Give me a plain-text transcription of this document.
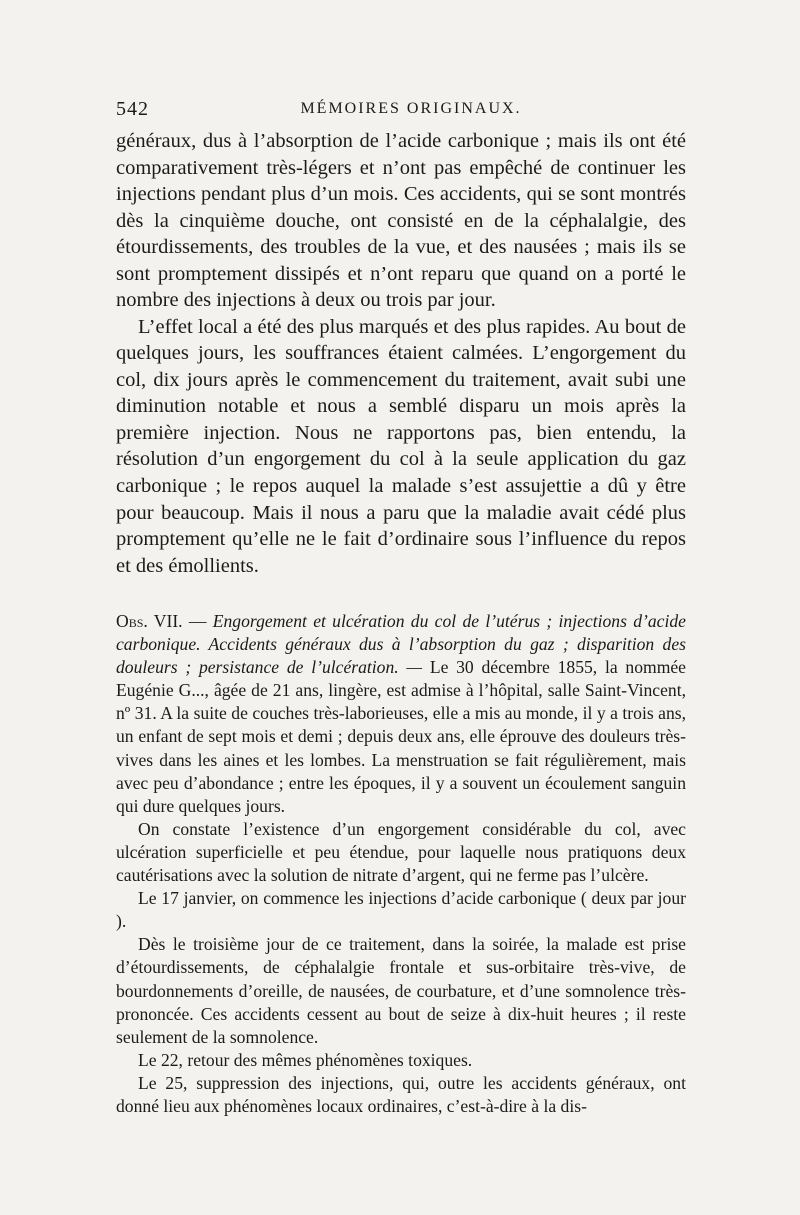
542	MÉMOIRES ORIGINAUX.

généraux, dus à l’absorption de l’acide carbonique ; mais ils ont été comparativement très-légers et n’ont pas empêché de continuer les injections pendant plus d’un mois. Ces accidents, qui se sont montrés dès la cinquième douche, ont consisté en de la céphalalgie, des étourdissements, des troubles de la vue, et des nausées ; mais ils se sont promptement dissipés et n’ont reparu que quand on a porté le nombre des injections à deux ou trois par jour.

L’effet local a été des plus marqués et des plus rapides. Au bout de quelques jours, les souffrances étaient calmées. L’engorgement du col, dix jours après le commencement du traitement, avait subi une diminution notable et nous a semblé disparu un mois après la première injection. Nous ne rapportons pas, bien entendu, la résolution d’un engorgement du col à la seule application du gaz carbonique ; le repos auquel la malade s’est assujettie a dû y être pour beaucoup. Mais il nous a paru que la maladie avait cédé plus promptement qu’elle ne le fait d’ordinaire sous l’influence du repos et des émollients.

Obs. VII. — Engorgement et ulcération du col de l’utérus ; injections d’acide carbonique. Accidents généraux dus à l’absorption du gaz ; disparition des douleurs ; persistance de l’ulcération. — Le 30 décembre 1855, la nommée Eugénie G..., âgée de 21 ans, lingère, est admise à l’hôpital, salle Saint-Vincent, nº 31. A la suite de couches très-laborieuses, elle a mis au monde, il y a trois ans, un enfant de sept mois et demi ; depuis deux ans, elle éprouve des douleurs très-vives dans les aines et les lombes. La menstruation se fait régulièrement, mais avec peu d’abondance ; entre les époques, il y a souvent un écoulement sanguin qui dure quelques jours.

On constate l’existence d’un engorgement considérable du col, avec ulcération superficielle et peu étendue, pour laquelle nous pratiquons deux cautérisations avec la solution de nitrate d’argent, qui ne ferme pas l’ulcère.

Le 17 janvier, on commence les injections d’acide carbonique ( deux par jour ).

Dès le troisième jour de ce traitement, dans la soirée, la malade est prise d’étourdissements, de céphalalgie frontale et sus-orbitaire très-vive, de bourdonnements d’oreille, de nausées, de courbature, et d’une somnolence très-prononcée. Ces accidents cessent au bout de seize à dix-huit heures ; il reste seulement de la somnolence.

Le 22, retour des mêmes phénomènes toxiques.

Le 25, suppression des injections, qui, outre les accidents généraux, ont donné lieu aux phénomènes locaux ordinaires, c’est-à-dire à la dis-
